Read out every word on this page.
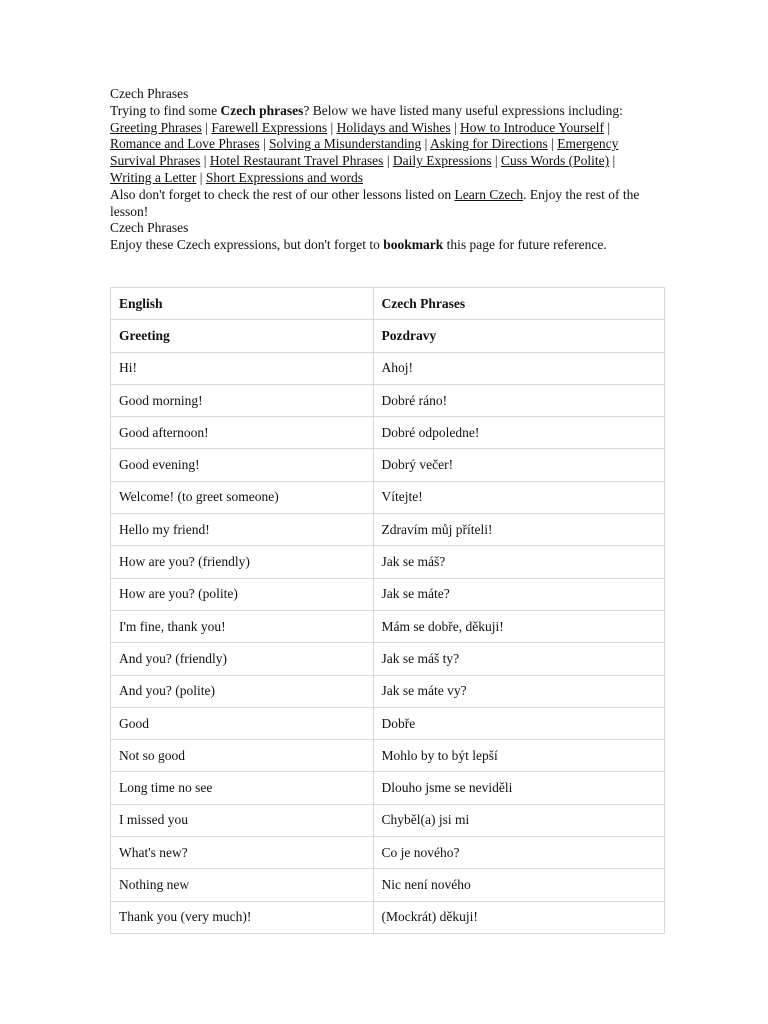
Czech Phrases

Trying to find some Czech phrases? Below we have listed many useful expressions including: Greeting Phrases | Farewell Expressions | Holidays and Wishes | How to Introduce Yourself | Romance and Love Phrases | Solving a Misunderstanding | Asking for Directions | Emergency Survival Phrases | Hotel Restaurant Travel Phrases | Daily Expressions | Cuss Words (Polite) | Writing a Letter | Short Expressions and words

Also don't forget to check the rest of our other lessons listed on Learn Czech. Enjoy the rest of the lesson!

Czech Phrases

Enjoy these Czech expressions, but don't forget to bookmark this page for future reference.

English	Czech Phrases
Greeting	Pozdravy
Hi!	Ahoj!
Good morning!	Dobré ráno!
Good afternoon!	Dobré odpoledne!
Good evening!	Dobrý večer!
Welcome! (to greet someone)	Vítejte!
Hello my friend!	Zdravím můj příteli!
How are you? (friendly)	Jak se máš?
How are you? (polite)	Jak se máte?
I'm fine, thank you!	Mám se dobře, děkuji!
And you? (friendly)	Jak se máš ty?
And you? (polite)	Jak se máte vy?
Good	Dobře
Not so good	Mohlo by to být lepší
Long time no see	Dlouho jsme se neviděli
I missed you	Chyběl(a) jsi mi
What's new?	Co je nového?
Nothing new	Nic není nového
Thank you (very much)!	(Mockrát) děkuji!
